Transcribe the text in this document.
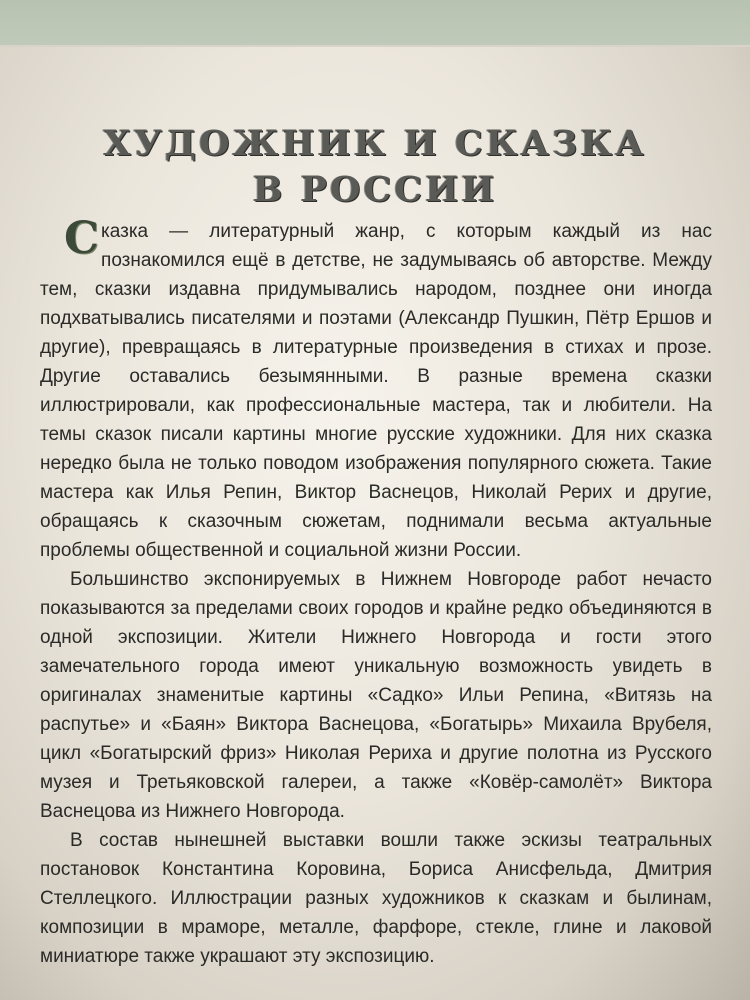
ХУДОЖНИК И СКАЗКА
В РОССИИ

Сказка — литературный жанр, с которым каждый из нас познакомился ещё в детстве, не задумываясь об авторстве. Между тем, сказки издавна придумывались народом, позднее они иногда подхватывались писателями и поэтами (Александр Пушкин, Пётр Ершов и другие), превращаясь в литературные произведения в стихах и прозе. Другие оставались безымянными. В разные времена сказки иллюстрировали, как профессиональные мастера, так и любители. На темы сказок писали картины многие русские художники. Для них сказка нередко была не только поводом изображения популярного сюжета. Такие мастера как Илья Репин, Виктор Васнецов, Николай Рерих и другие, обращаясь к сказочным сюжетам, поднимали весьма актуальные проблемы общественной и социальной жизни России.

Большинство экспонируемых в Нижнем Новгороде работ нечасто показываются за пределами своих городов и крайне редко объединяются в одной экспозиции. Жители Нижнего Новгорода и гости этого замечательного города имеют уникальную возможность увидеть в оригиналах знаменитые картины «Садко» Ильи Репина, «Витязь на распутье» и «Баян» Виктора Васнецова, «Богатырь» Михаила Врубеля, цикл «Богатырский фриз» Николая Рериха и другие полотна из Русского музея и Третьяковской галереи, а также «Ковёр-самолёт» Виктора Васнецова из Нижнего Новгорода.

В состав нынешней выставки вошли также эскизы театральных постановок Константина Коровина, Бориса Анисфельда, Дмитрия Стеллецкого. Иллюстрации разных художников к сказкам и былинам, композиции в мраморе, металле, фарфоре, стекле, глине и лаковой миниатюре также украшают эту экспозицию.
